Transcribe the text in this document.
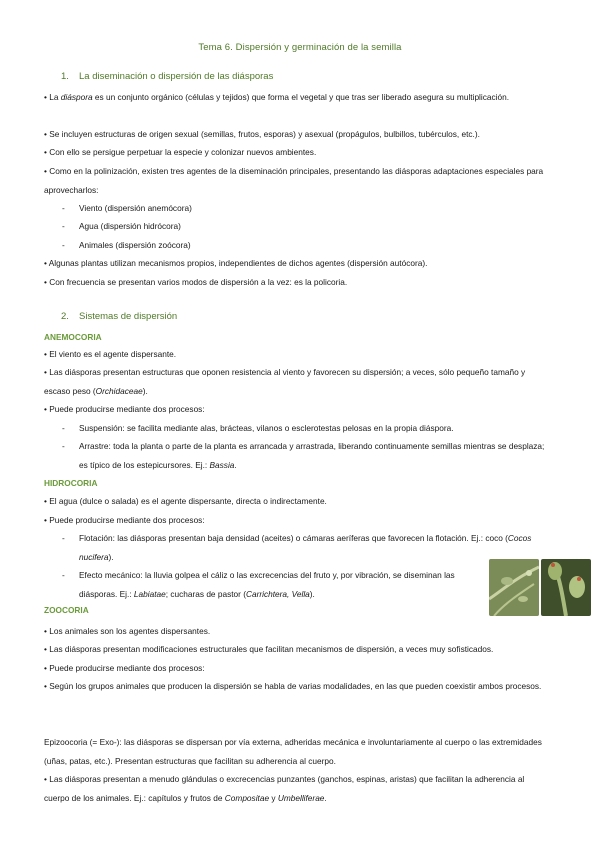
Tema 6. Dispersión y germinación de la semilla
1. La diseminación o dispersión de las diásporas
• La diáspora es un conjunto orgánico (células y tejidos) que forma el vegetal y que tras ser liberado asegura su multiplicación.
• Se incluyen estructuras de origen sexual (semillas, frutos, esporas) y asexual (propágulos, bulbillos, tubérculos, etc.).
• Con ello se persigue perpetuar la especie y colonizar nuevos ambientes.
• Como en la polinización, existen tres agentes de la diseminación principales, presentando las diásporas adaptaciones especiales para aprovecharlos:
- Viento (dispersión anemócora)
- Agua (dispersión hidrócora)
- Animales (dispersión zoócora)
• Algunas plantas utilizan mecanismos propios, independientes de dichos agentes (dispersión autócora).
• Con frecuencia se presentan varios modos de dispersión a la vez: es la policoria.
2. Sistemas de dispersión
ANEMOCORIA
• El viento es el agente dispersante.
• Las diásporas presentan estructuras que oponen resistencia al viento y favorecen su dispersión; a veces, sólo pequeño tamaño y escaso peso (Orchidaceae).
• Puede producirse mediante dos procesos:
- Suspensión: se facilita mediante alas, brácteas, vilanos o esclerotestas pelosas en la propia diáspora.
- Arrastre: toda la planta o parte de la planta es arrancada y arrastrada, liberando continuamente semillas mientras se desplaza; es típico de los estepicursores. Ej.: Bassia.
HIDROCORIA
• El agua (dulce o salada) es el agente dispersante, directa o indirectamente.
• Puede producirse mediante dos procesos:
- Flotación: las diásporas presentan baja densidad (aceites) o cámaras aeríferas que favorecen la flotación. Ej.: coco (Cocos nucifera).
- Efecto mecánico: la lluvia golpea el cáliz o las excrecencias del fruto y, por vibración, se diseminan las diásporas. Ej.: Labiatae; cucharas de pastor (Carrichtera, Vella).
ZOOCORIA
• Los animales son los agentes dispersantes.
• Las diásporas presentan modificaciones estructurales que facilitan mecanismos de dispersión, a veces muy sofisticados.
• Puede producirse mediante dos procesos:
• Según los grupos animales que producen la dispersión se habla de varias modalidades, en las que pueden coexistir ambos procesos.
Epizoocoria (= Exo-): las diásporas se dispersan por vía externa, adheridas mecánica e involuntariamente al cuerpo o las extremidades (uñas, patas, etc.). Presentan estructuras que facilitan su adherencia al cuerpo.
• Las diásporas presentan a menudo glándulas o excrecencias punzantes (ganchos, espinas, aristas) que facilitan la adherencia al cuerpo de los animales. Ej.: capítulos y frutos de Compositae y Umbelliferae.
